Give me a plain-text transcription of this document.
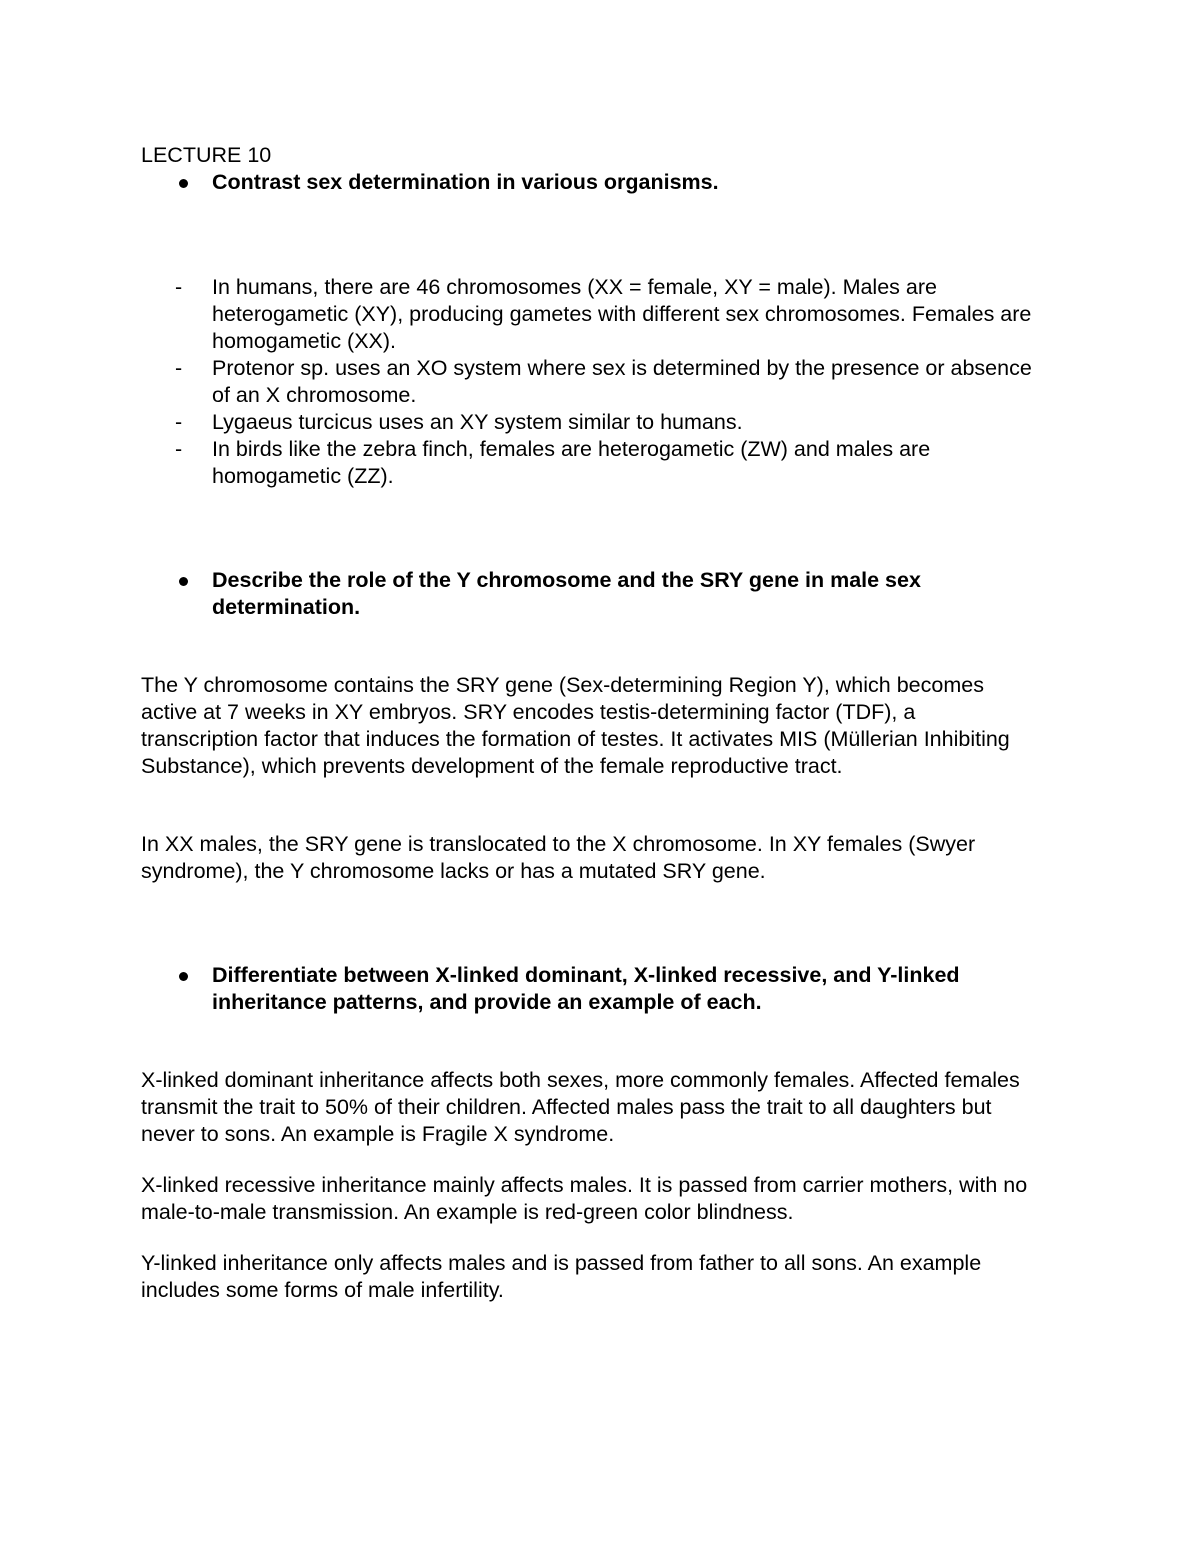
LECTURE 10
Contrast sex determination in various organisms.
- In humans, there are 46 chromosomes (XX = female, XY = male). Males are heterogametic (XY), producing gametes with different sex chromosomes. Females are homogametic (XX).
- Protenor sp. uses an XO system where sex is determined by the presence or absence of an X chromosome.
- Lygaeus turcicus uses an XY system similar to humans.
- In birds like the zebra finch, females are heterogametic (ZW) and males are homogametic (ZZ).
Describe the role of the Y chromosome and the SRY gene in male sex determination.

The Y chromosome contains the SRY gene (Sex-determining Region Y), which becomes active at 7 weeks in XY embryos. SRY encodes testis-determining factor (TDF), a transcription factor that induces the formation of testes. It activates MIS (Müllerian Inhibiting Substance), which prevents development of the female reproductive tract.

In XX males, the SRY gene is translocated to the X chromosome. In XY females (Swyer syndrome), the Y chromosome lacks or has a mutated SRY gene.

Differentiate between X-linked dominant, X-linked recessive, and Y-linked inheritance patterns, and provide an example of each.

X-linked dominant inheritance affects both sexes, more commonly females. Affected females transmit the trait to 50% of their children. Affected males pass the trait to all daughters but never to sons. An example is Fragile X syndrome.

X-linked recessive inheritance mainly affects males. It is passed from carrier mothers, with no male-to-male transmission. An example is red-green color blindness.

Y-linked inheritance only affects males and is passed from father to all sons. An example includes some forms of male infertility.
